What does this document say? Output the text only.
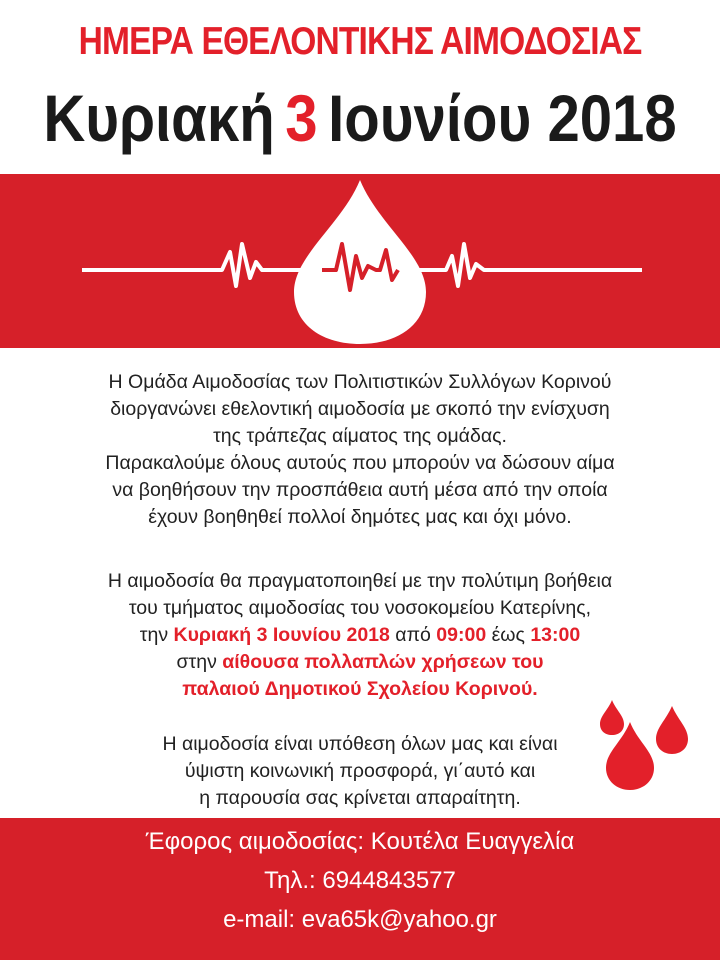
ΗΜΕΡΑ ΕΘΕΛΟΝΤΙΚΗΣ ΑΙΜΟΔΟΣΙΑΣ
Κυριακή 3 Ιουνίου 2018
Η Ομάδα Αιμοδοσίας των Πολιτιστικών Συλλόγων Κορινού
διοργανώνει εθελοντική αιμοδοσία με σκοπό την ενίσχυση
της τράπεζας αίματος της ομάδας.
Παρακαλούμε όλους αυτούς που μπορούν να δώσουν αίμα
να βοηθήσουν την προσπάθεια αυτή μέσα από την οποία
έχουν βοηθηθεί πολλοί δημότες μας και όχι μόνο.
Η αιμοδοσία θα πραγματοποιηθεί με την πολύτιμη βοήθεια
του τμήματος αιμοδοσίας του νοσοκομείου Κατερίνης,
την Κυριακή 3 Ιουνίου 2018 από 09:00 έως 13:00
στην αίθουσα πολλαπλών χρήσεων του
παλαιού Δημοτικού Σχολείου Κορινού.
Η αιμοδοσία είναι υπόθεση όλων μας και είναι
ύψιστη κοινωνική προσφορά, γι΄αυτό και
η παρουσία σας κρίνεται απαραίτητη.
Έφορος αιμοδοσίας: Κουτέλα Ευαγγελία
Τηλ.: 6944843577
e-mail: eva65k@yahoo.gr
